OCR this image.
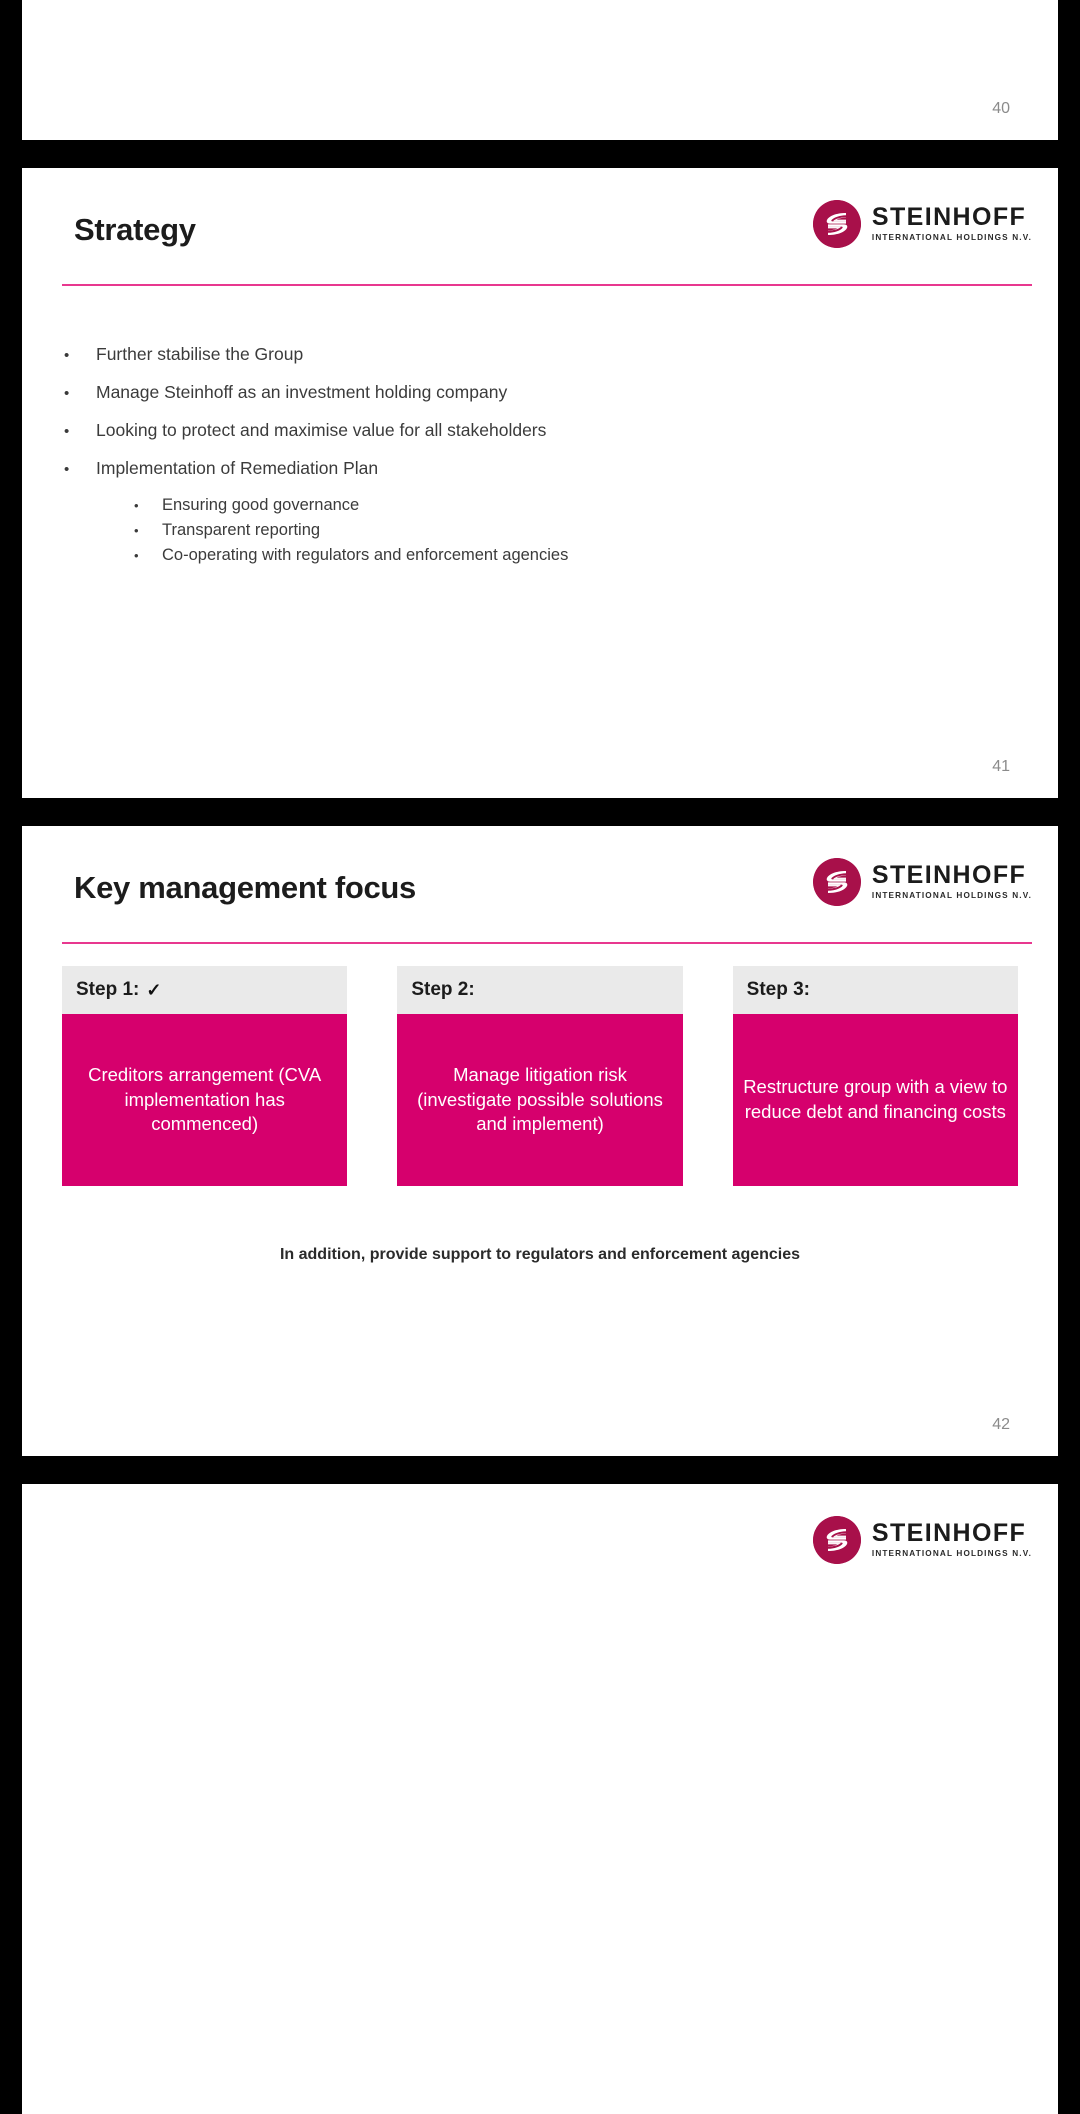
40
Strategy	STEINHOFF
INTERNATIONAL HOLDINGS N.V.
•	Further stabilise the Group
•	Manage Steinhoff as an investment holding company
•	Looking to protect and maximise value for all stakeholders
•	Implementation of Remediation Plan
•	Ensuring good governance
•	Transparent reporting
•	Co-operating with regulators and enforcement agencies
41
Key management focus	STEINHOFF
INTERNATIONAL HOLDINGS N.V.
Step 1: ✓
Creditors arrangement (CVA implementation has commenced)
Step 2:
Manage litigation risk (investigate possible solutions and implement)
Step 3:
Restructure group with a view to reduce debt and financing costs
In addition, provide support to regulators and enforcement agencies
42
STEINHOFF
INTERNATIONAL HOLDINGS N.V.
